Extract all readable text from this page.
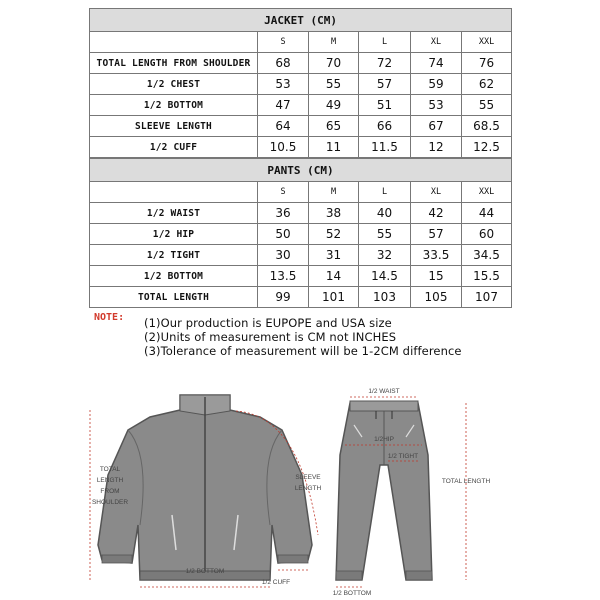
JACKET (CM)					
	S	M	L	XL	XXL
TOTAL LENGTH FROM SHOULDER	68	70	72	74	76
1/2 CHEST	53	55	57	59	62
1/2 BOTTOM	47	49	51	53	55
SLEEVE LENGTH	64	65	66	67	68.5
1/2 CUFF	10.5	11	11.5	12	12.5
PANTS (CM)					
	S	M	L	XL	XXL
1/2 WAIST	36	38	40	42	44
1/2 HIP	50	52	55	57	60
1/2 TIGHT	30	31	32	33.5	34.5
1/2 BOTTOM	13.5	14	14.5	15	15.5
TOTAL LENGTH	99	101	103	105	107
NOTE: (1)Our production is EUPOPE and USA size
(2)Units of measurement is CM not INCHES
(3)Tolerance of measurement will be 1-2CM difference
TOTAL
LENGTH
FROM
SHOULDER
SLEEVE
LENGTH
1/2 BOTTOM
1/2 CUFF
1/2 WAIST
1/2HIP
1/2 TIGHT
TOTAL LENGTH
1/2 BOTTOM
